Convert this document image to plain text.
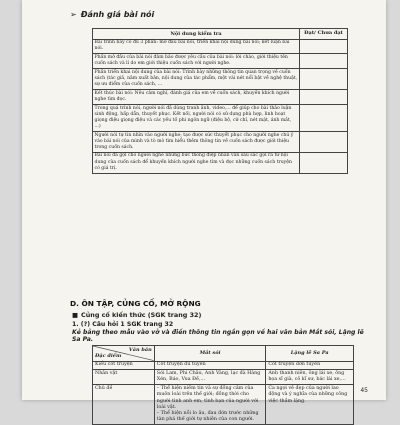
➢ Đánh giá bài nói
Nội dung kiểm tra	Đạt/ Chưa đạt
Bài trình bày có đủ 3 phần: mở đầu bài nói, triển khai nội dung bài nói; kết luận bài nói.	
Phần mở đầu của bài nói đảm bảo được yêu cầu của bài nói: lời chào, giới thiệu tên cuốn sách và lí do em giới thiệu cuốn sách với người nghe.	
Phần triển khai nội dung của bài nói: Trình bày những thông tin quan trọng về cuốn sách (tác giả, năm xuất bản, nội dung của tác phẩm, một vài nét nổi bật về nghệ thuật, sự ưu điểm của cuốn sách, ...	
Kết thúc bài nói: Nêu cảm nghĩ, đánh giá của em về cuốn sách, khuyến khích người nghe tìm đọc.	
Trong quá trình nói, người nói đã dùng tranh ảnh, video,... để giúp cho bài thảo luận sinh động, hấp dẫn, thuyết phục. Kết nối, người nói có sử dụng phù hợp, linh hoạt giọng điệu giọng điệu và các yếu tố phi ngôn ngữ (điệu bộ, cử chỉ, nét mặt, ánh mắt, ...)	
Người nói tự tin nhìn vào người nghe; tạo được sức thuyết phục cho người nghe chú ý vào bài nói của mình và tò mò tìm hiểu thêm thông tin về cuốn sách được giới thiệu trong cuốn sách.	
Bài nói đã gợi cho người nghe những bức thông điệp nhân văn sâu sắc gợi ra từ nội dung của cuốn sách để khuyến khích người nghe tìm và đọc những cuốn sách truyện có giá trị.	
D. ÔN TẬP, CỦNG CỐ, MỞ RỘNG
■ Củng cố kiến thức (SGK trang 32)
1. (?) Câu hỏi 1 SGK trang 32
Kẻ bảng theo mẫu vào vở và điền thông tin ngắn gọn về hai văn bản Mắt sói, Lặng lẽ Sa Pa.
Văn bản
Đặc điểm	Mắt sói	Lặng lẽ Sa Pa
Kiểu cốt truyện	Cốt truyện du tuyến	Cốt truyện đơn tuyến
Nhân vật	Sói Lam, Phi Châu, Anh Vàng, lạc đà Hàng Xén, Báo, Vua Đề,...	Anh thanh niên, ông lái xe, ông họa sĩ già, cô kĩ sư, bác lái xe,...
Chủ đề	– Thể hiện niềm tin và sự đồng cảm của muôn loài trên thế giới; đồng thời cho người tình anh em, tình bạn của người với loài vật.
– Thể hiện nỗi lo âu, đau đớn trước những tàn phá thế giới tự nhiên của con người.	Ca ngợi vẻ đẹp của người lao động và ý nghĩa của những công việc thầm lặng.
45
